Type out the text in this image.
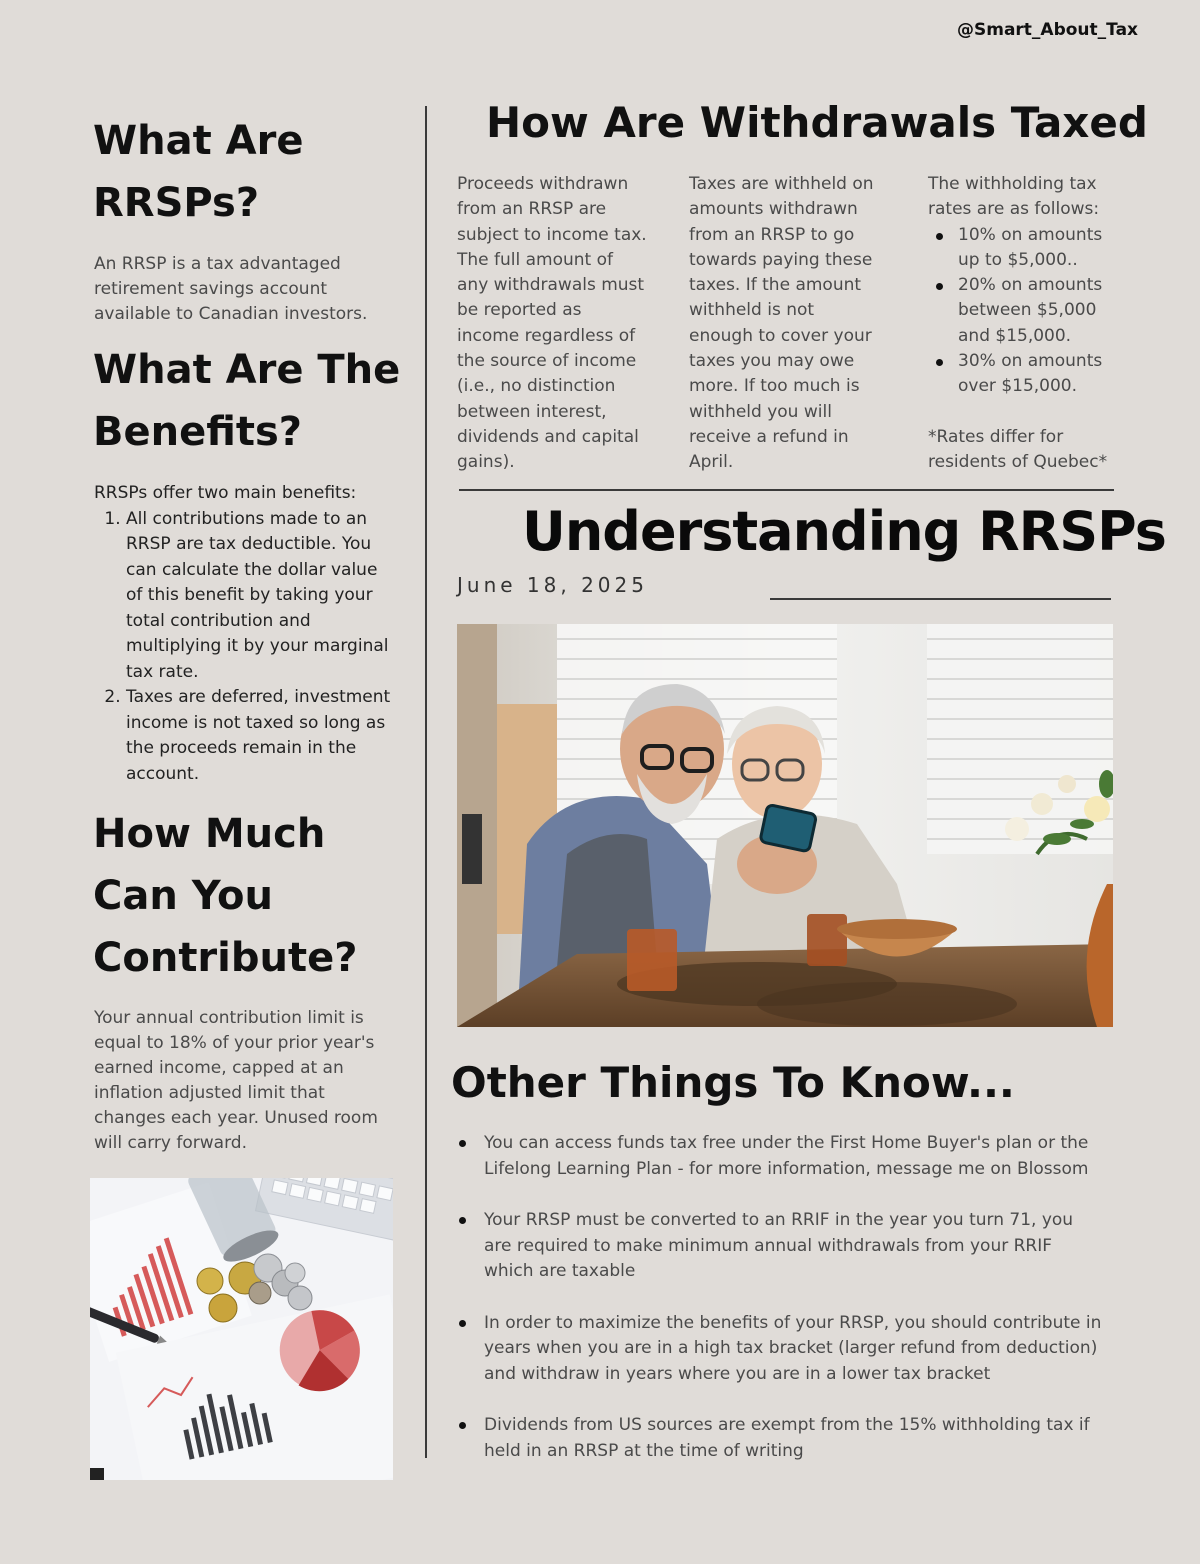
@Smart_About_Tax
What Are
RRSPs?

An RRSP is a tax advantaged retirement savings account available to Canadian investors.

What Are The
Benefits?

RRSPs offer two main benefits:

1. All contributions made to an RRSP are tax deductible. You can calculate the dollar value of this benefit by taking your total contribution and multiplying it by your marginal tax rate.
2. Taxes are deferred, investment income is not taxed so long as the proceeds remain in the account.
How Much
Can You
Contribute?

Your annual contribution limit is equal to 18% of your prior year's earned income, capped at an inflation adjusted limit that changes each year. Unused room will carry forward.

How Are Withdrawals Taxed

Proceeds withdrawn from an RRSP are subject to income tax. The full amount of any withdrawals must be reported as income regardless of the source of income (i.e., no distinction between interest, dividends and capital gains).

Taxes are withheld on amounts withdrawn from an RRSP to go towards paying these taxes. If the amount withheld is not enough to cover your taxes you may owe more. If too much is withheld you will receive a refund in April.

The withholding tax rates are as follows:
10% on amounts up to $5,000..
20% on amounts between $5,000 and $15,000.
30% on amounts over $15,000.
*Rates differ for residents of Quebec*
Understanding RRSPs
June 18, 2025
Other Things To Know...
You can access funds tax free under the First Home Buyer's plan or the Lifelong Learning Plan - for more information, message me on Blossom
Your RRSP must be converted to an RRIF in the year you turn 71, you are required to make minimum annual withdrawals from your RRIF which are taxable
In order to maximize the benefits of your RRSP, you should contribute in years when you are in a high tax bracket (larger refund from deduction) and withdraw in years where you are in a lower tax bracket
Dividends from US sources are exempt from the 15% withholding tax if held in an RRSP at the time of writing
